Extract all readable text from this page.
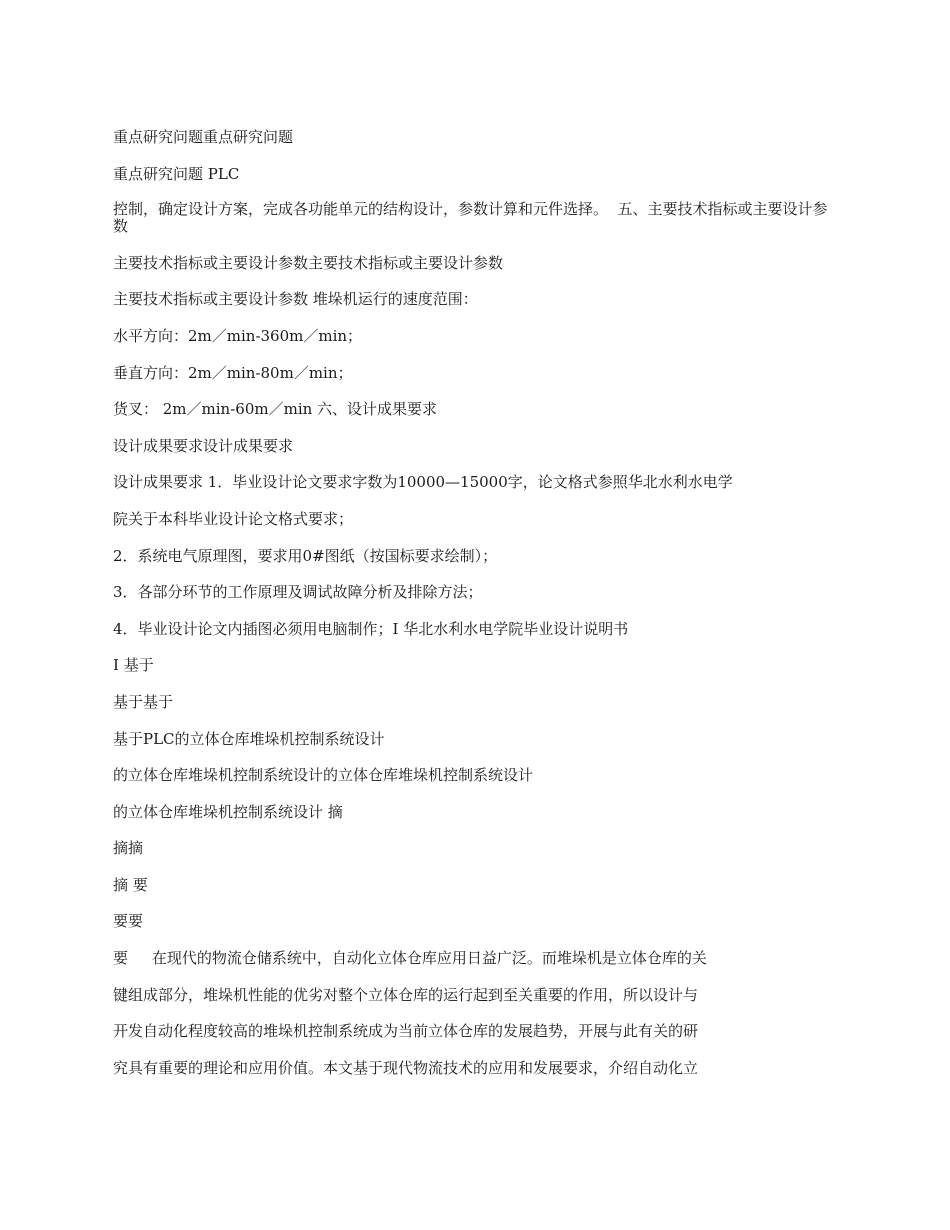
重点研究问题重点研究问题

重点研究问题 PLC

控制，确定设计方案，完成各功能单元的结构设计，参数计算和元件选择。  五、主要技术指标或主要设计参数

主要技术指标或主要设计参数主要技术指标或主要设计参数

主要技术指标或主要设计参数 堆垛机运行的速度范围：

水平方向：2m／min-360m／min；

垂直方向：2m／min-80m／min；

货叉： 2m／min-60m／min 六、设计成果要求

设计成果要求设计成果要求

设计成果要求 1．毕业设计论文要求字数为10000—15000字，论文格式参照华北水利水电学

院关于本科毕业设计论文格式要求；

2．系统电气原理图，要求用0#图纸（按国标要求绘制）；

3．各部分环节的工作原理及调试故障分析及排除方法；

4．毕业设计论文内插图必须用电脑制作；I 华北水利水电学院毕业设计说明书

I 基于

基于基于

基于PLC的立体仓库堆垛机控制系统设计

的立体仓库堆垛机控制系统设计的立体仓库堆垛机控制系统设计

的立体仓库堆垛机控制系统设计 摘

摘摘

摘 要

要要

要     在现代的物流仓储系统中，自动化立体仓库应用日益广泛。而堆垛机是立体仓库的关

键组成部分，堆垛机性能的优劣对整个立体仓库的运行起到至关重要的作用，所以设计与

开发自动化程度较高的堆垛机控制系统成为当前立体仓库的发展趋势，开展与此有关的研

究具有重要的理论和应用价值。本文基于现代物流技术的应用和发展要求，介绍自动化立
